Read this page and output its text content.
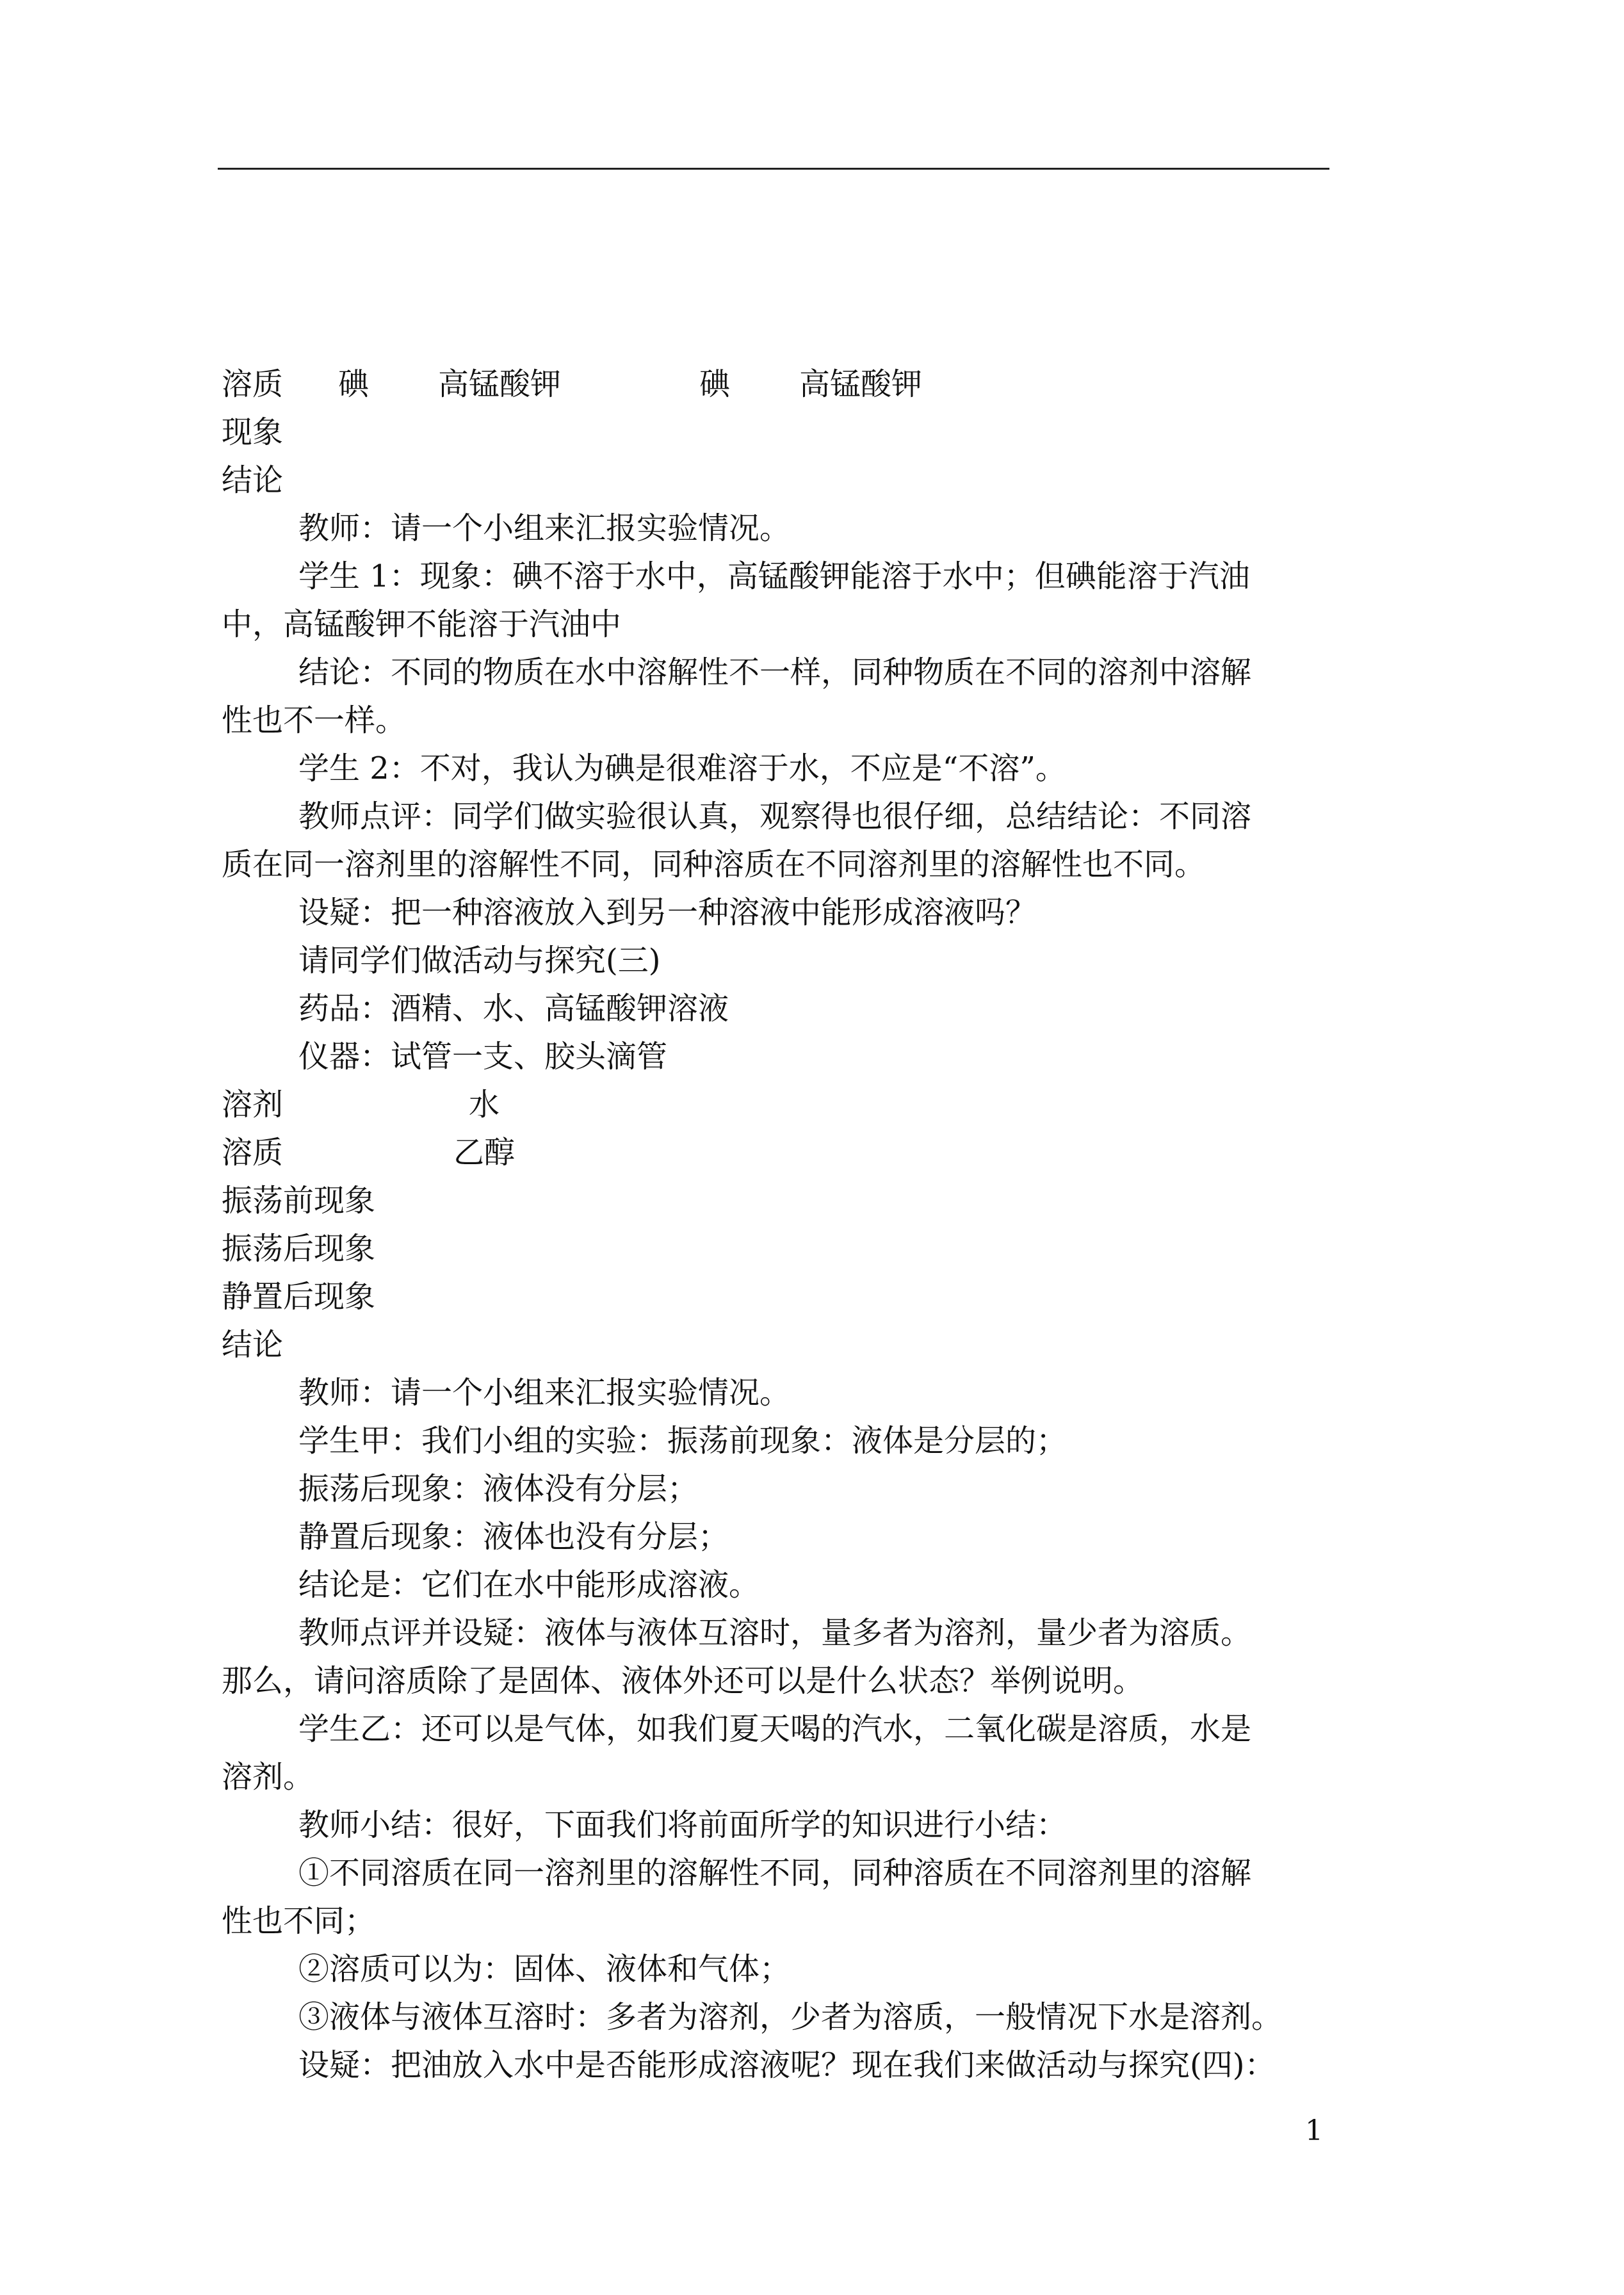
溶质 碘 高锰酸钾	碘 高锰酸钾
现象
结论
教师：请一个小组来汇报实验情况。
学生 1：现象：碘不溶于水中，高锰酸钾能溶于水中；但碘能溶于汽油
中，高锰酸钾不能溶于汽油中
结论：不同的物质在水中溶解性不一样，同种物质在不同的溶剂中溶解
性也不一样。
学生 2：不对，我认为碘是很难溶于水，不应是“不溶”。
教师点评：同学们做实验很认真，观察得也很仔细，总结结论：不同溶
质在同一溶剂里的溶解性不同，同种溶质在不同溶剂里的溶解性也不同。
设疑：把一种溶液放入到另一种溶液中能形成溶液吗？
请同学们做活动与探究(三)
药品：酒精、水、高锰酸钾溶液
仪器：试管一支、胶头滴管
溶剂	水
溶质	乙醇
振荡前现象
振荡后现象
静置后现象
结论
教师：请一个小组来汇报实验情况。
学生甲：我们小组的实验：振荡前现象：液体是分层的；
振荡后现象：液体没有分层；
静置后现象：液体也没有分层；
结论是：它们在水中能形成溶液。
教师点评并设疑：液体与液体互溶时，量多者为溶剂，量少者为溶质。
那么，请问溶质除了是固体、液体外还可以是什么状态？举例说明。
学生乙：还可以是气体，如我们夏天喝的汽水，二氧化碳是溶质，水是
溶剂。
教师小结：很好，下面我们将前面所学的知识进行小结：
①不同溶质在同一溶剂里的溶解性不同，同种溶质在不同溶剂里的溶解
性也不同；
②溶质可以为：固体、液体和气体；
③液体与液体互溶时：多者为溶剂，少者为溶质，一般情况下水是溶剂。
设疑：把油放入水中是否能形成溶液呢？现在我们来做活动与探究(四)：
1
